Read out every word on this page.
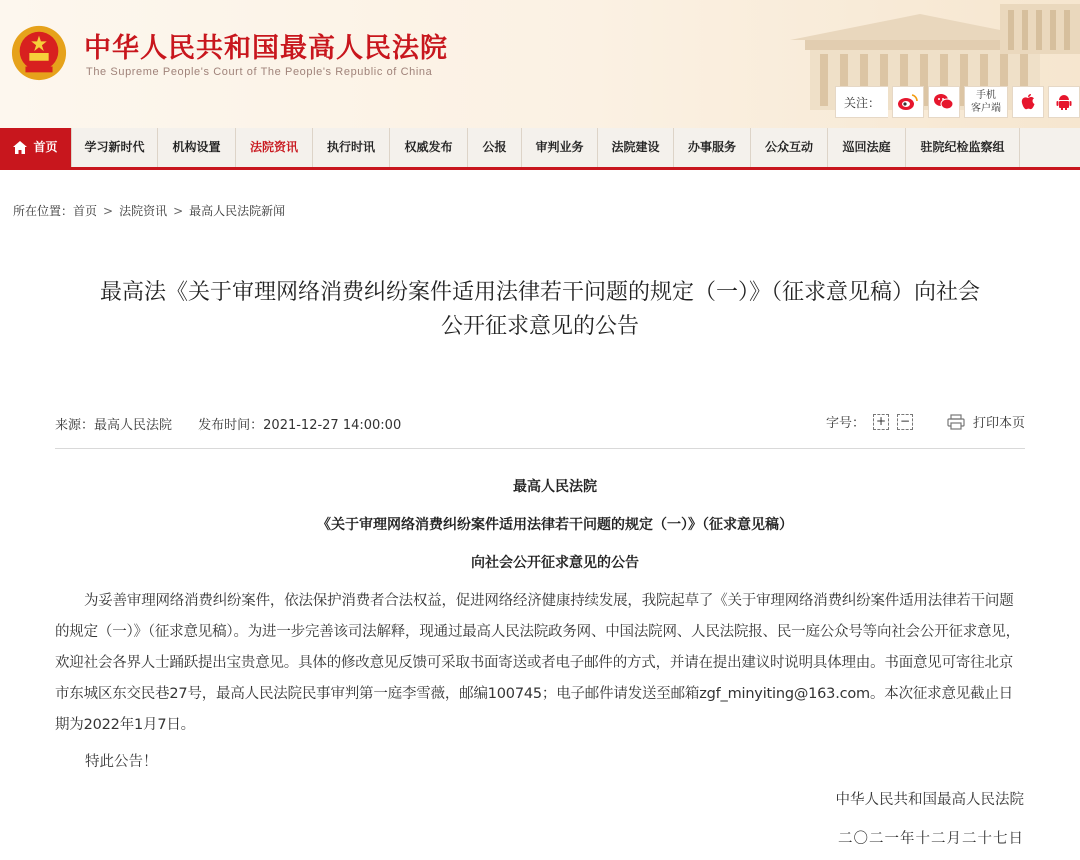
中华人民共和国最高人民法院
The Supreme People's Court of The People's Republic of China
关注：
手机
客户端
首页	学习新时代	机构设置	法院资讯	执行时讯	权威发布	公报	审判业务	法院建设	办事服务	公众互动	巡回法庭	驻院纪检监察组
所在位置：首页 > 法院资讯 > 最高人民法院新闻
最高法《关于审理网络消费纠纷案件适用法律若干问题的规定（一）》（征求意见稿）向社会
公开征求意见的公告
来源：最高人民法院 发布时间：2021-12-27 14:00:00	字号： + −	打印本页
最高人民法院
《关于审理网络消费纠纷案件适用法律若干问题的规定（一）》（征求意见稿）
向社会公开征求意见的公告
为妥善审理网络消费纠纷案件，依法保护消费者合法权益，促进网络经济健康持续发展，我院起草了《关于审理网络消费纠纷案件适用法律若干问题的规定（一）》（征求意见稿）。为进一步完善该司法解释，现通过最高人民法院政务网、中国法院网、人民法院报、民一庭公众号等向社会公开征求意见，欢迎社会各界人士踊跃提出宝贵意见。具体的修改意见反馈可采取书面寄送或者电子邮件的方式，并请在提出建议时说明具体理由。书面意见可寄往北京市东城区东交民巷27号，最高人民法院民事审判第一庭李雪薇，邮编100745；电子邮件请发送至邮箱zgf_minyiting@163.com。本次征求意见截止日期为2022年1月7日。
特此公告！
中华人民共和国最高人民法院
二〇二一年十二月二十七日
